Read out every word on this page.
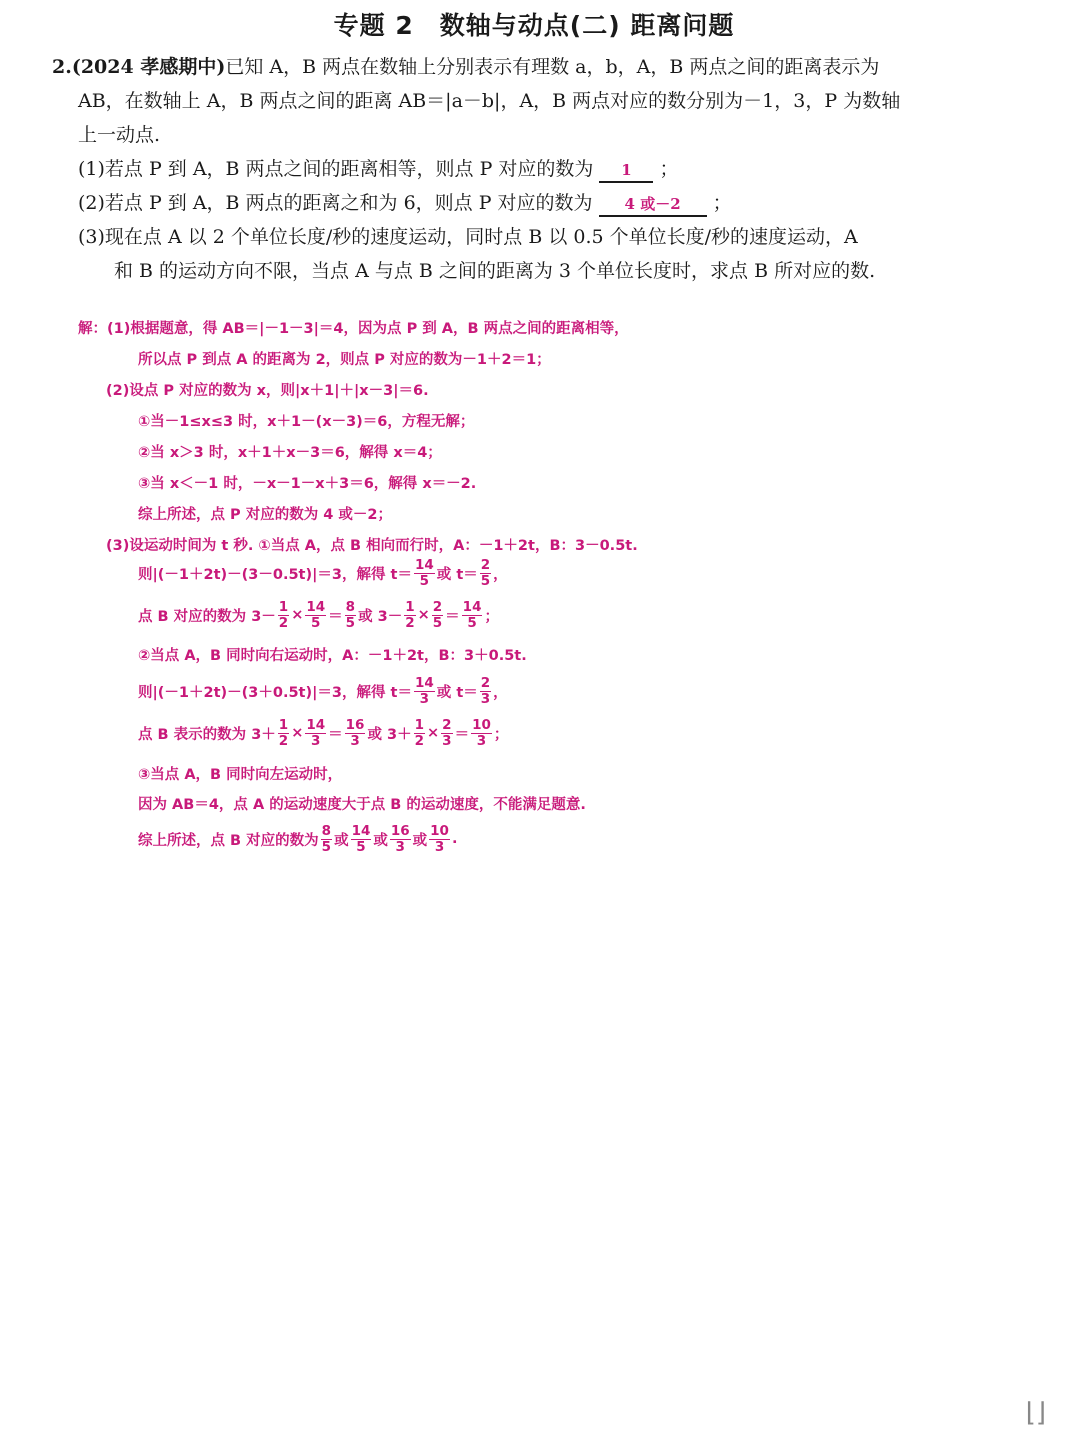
专题 2　数轴与动点(二) 距离问题
2.(2024 孝感期中)已知 A，B 两点在数轴上分别表示有理数 a，b，A，B 两点之间的距离表示为
AB，在数轴上 A，B 两点之间的距离 AB＝|a－b|，A，B 两点对应的数分别为－1，3，P 为数轴
上一动点.
(1)若点 P 到 A，B 两点之间的距离相等，则点 P 对应的数为 1 ；
(2)若点 P 到 A，B 两点的距离之和为 6，则点 P 对应的数为 4 或－2 ；
(3)现在点 A 以 2 个单位长度/秒的速度运动，同时点 B 以 0.5 个单位长度/秒的速度运动，A
和 B 的运动方向不限，当点 A 与点 B 之间的距离为 3 个单位长度时，求点 B 所对应的数.
解：(1)根据题意，得 AB＝|－1－3|＝4，因为点 P 到 A，B 两点之间的距离相等，
所以点 P 到点 A 的距离为 2，则点 P 对应的数为－1＋2＝1；
(2)设点 P 对应的数为 x，则|x＋1|＋|x－3|＝6.
①当－1≤x≤3 时，x＋1－(x－3)＝6，方程无解；
②当 x＞3 时，x＋1＋x－3＝6，解得 x＝4；
③当 x＜－1 时，－x－1－x＋3＝6，解得 x＝－2.
综上所述，点 P 对应的数为 4 或－2；
(3)设运动时间为 t 秒. ①当点 A，点 B 相向而行时，A：－1＋2t，B：3－0.5t.
则|(－1＋2t)－(3－0.5t)|＝3，解得 $t= \frac{14}{5}$ 或 $t= \frac{2}{5}$ ，
点 B 对应的数为 $3- \frac{1}{2} \times \frac{14}{5} = \frac{8}{5}$ 或 $3- \frac{1}{2} \times \frac{2}{5} = \frac{14}{5}$ ；
②当点 A，B 同时向右运动时，A：－1＋2t，B：3＋0.5t.
则|(－1＋2t)－(3＋0.5t)|＝3，解得 $t= \frac{14}{3}$ 或 $t= \frac{2}{3}$ ，
点 B 表示的数为 $3+ \frac{1}{2} \times \frac{14}{3} = \frac{16}{3}$ 或 $3+ \frac{1}{2} \times \frac{2}{3} = \frac{10}{3}$ ；
③当点 A，B 同时向左运动时，
因为 AB＝4，点 A 的运动速度大于点 B 的运动速度，不能满足题意.
综上所述，点 B 对应的数为 $\frac{8}{5}$ 或 $\frac{14}{5}$ 或 $\frac{16}{3}$ 或 $\frac{10}{3}$ .
⌊⌋
